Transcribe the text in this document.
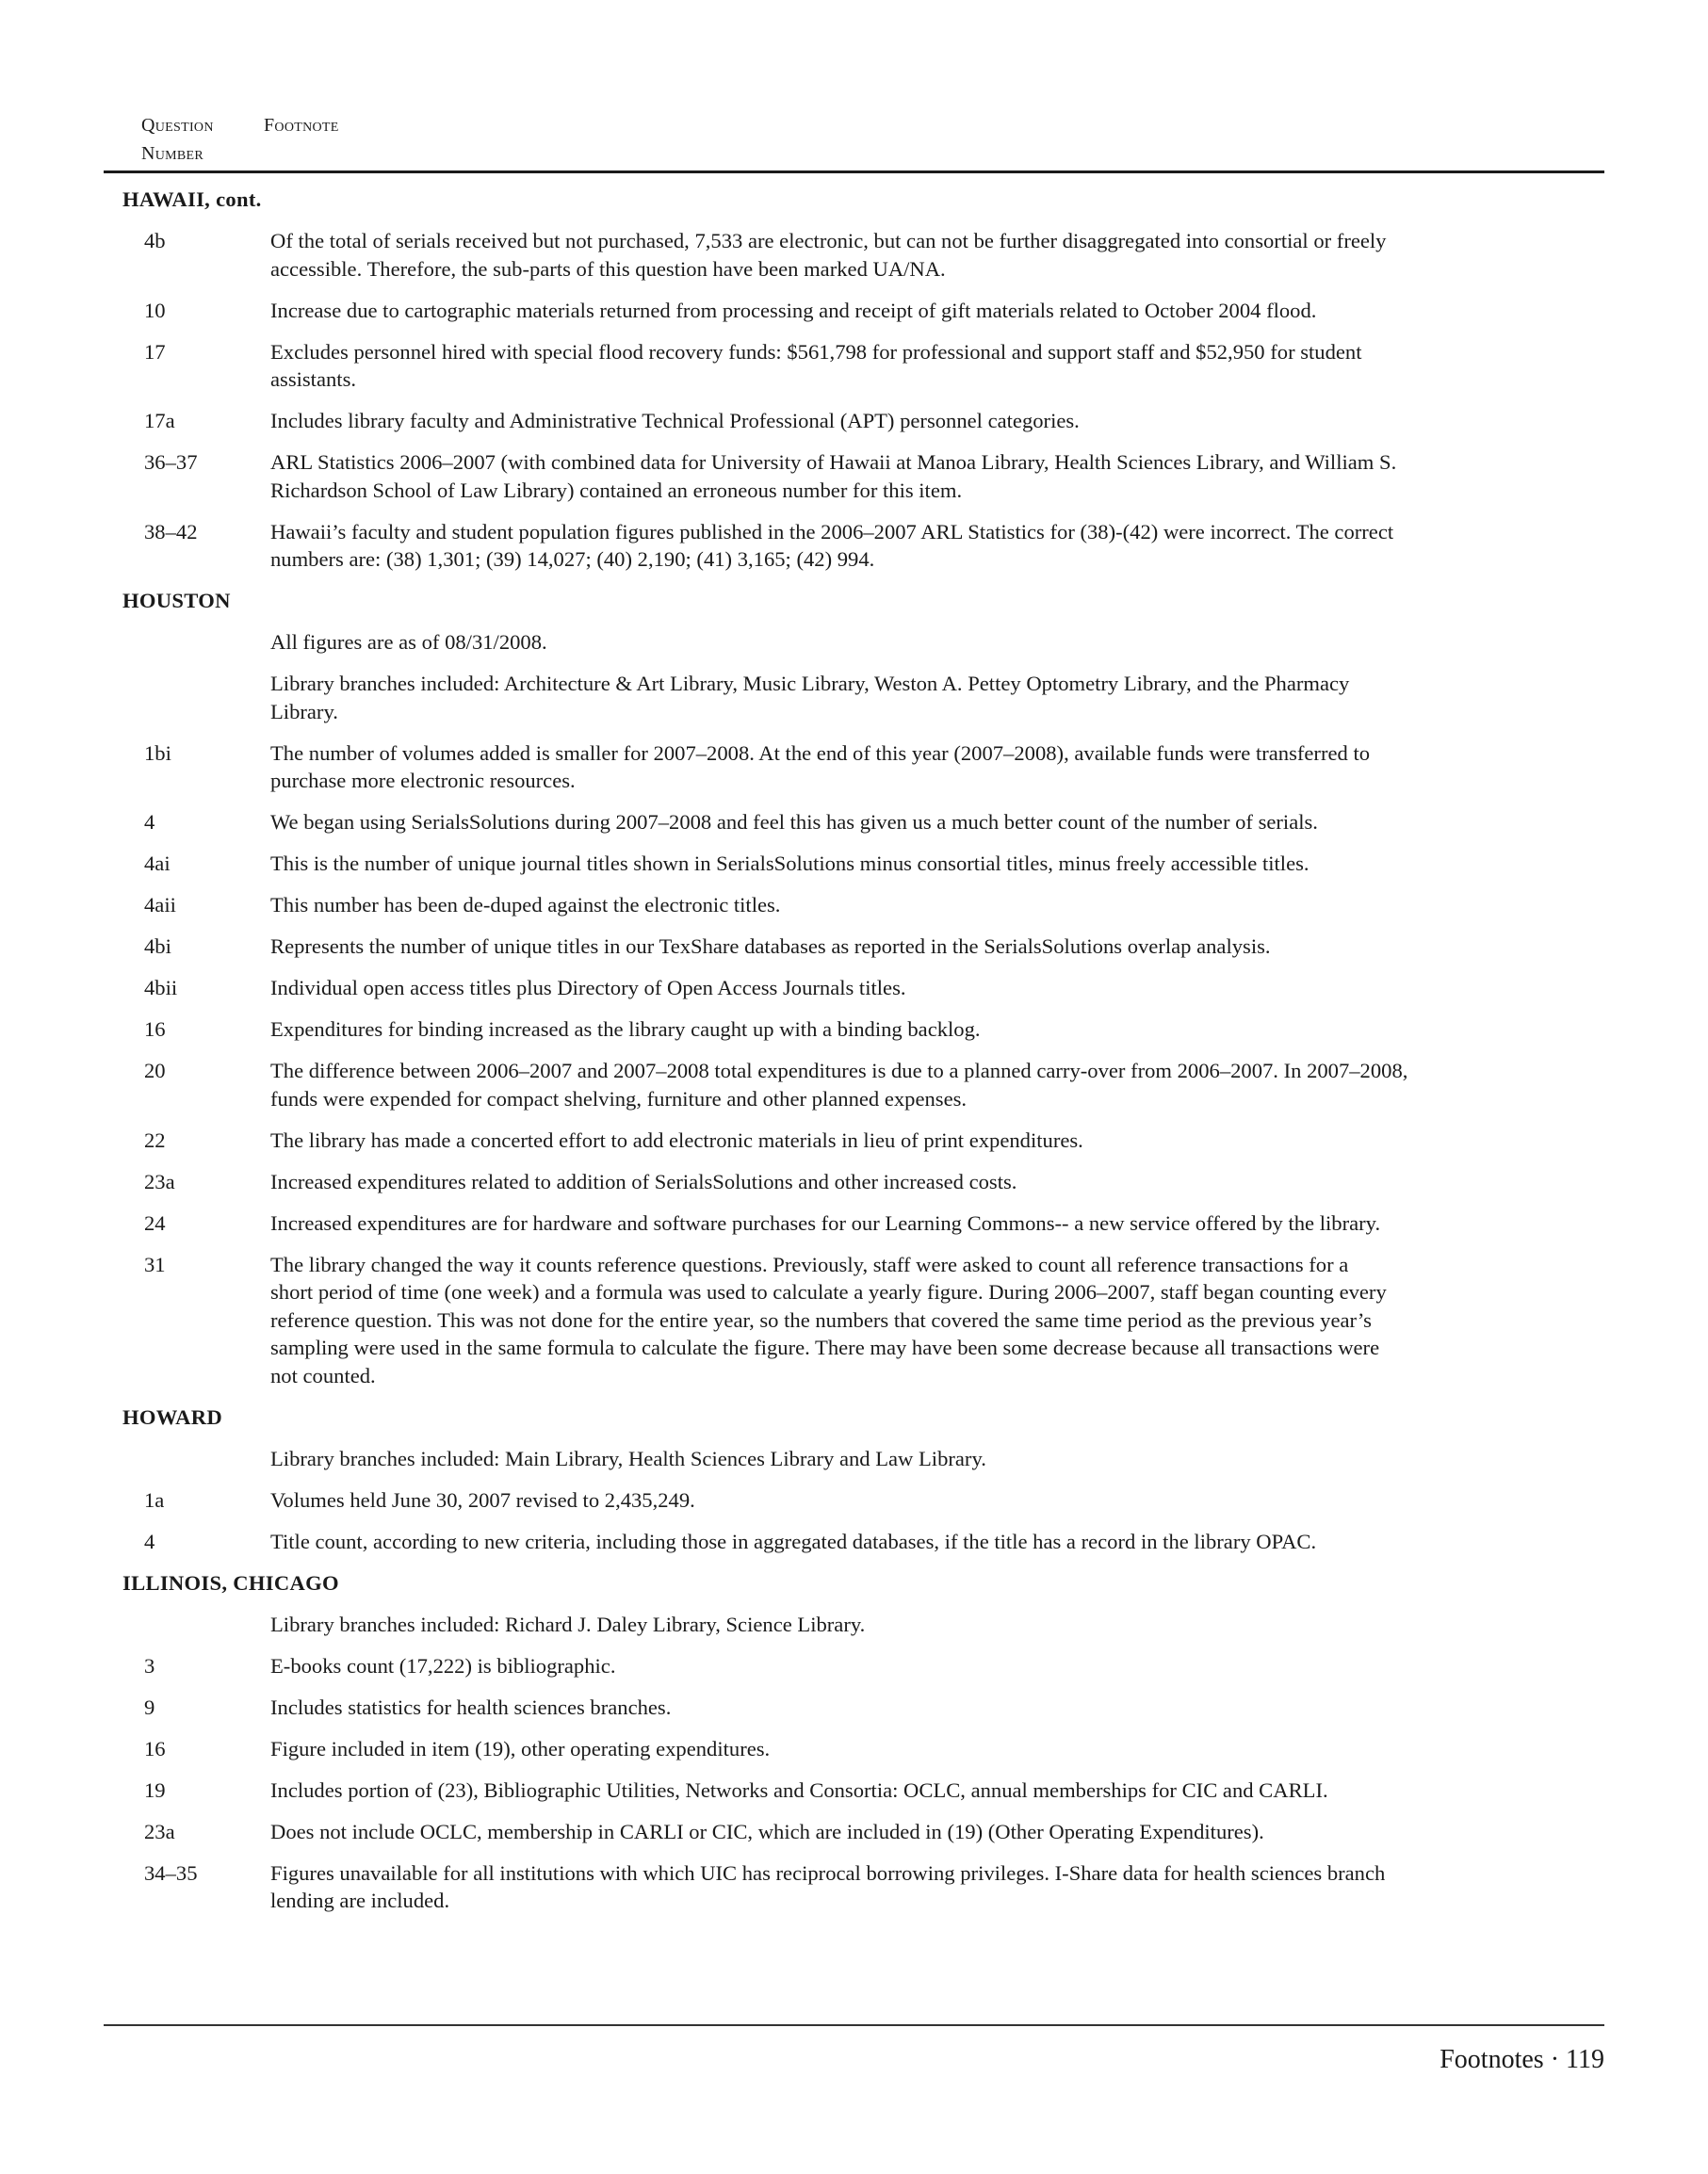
Question Number
Footnote
HAWAII, cont.
4b	Of the total of serials received but not purchased, 7,533 are electronic, but can not be further disaggregated into consortial or freely
accessible. Therefore, the sub-parts of this question have been marked UA/NA.
10	Increase due to cartographic materials returned from processing and receipt of gift materials related to October 2004 flood.
17	Excludes personnel hired with special flood recovery funds: $561,798 for professional and support staff and $52,950 for student
assistants.
17a	Includes library faculty and Administrative Technical Professional (APT) personnel categories.
36–37	ARL Statistics 2006–2007 (with combined data for University of Hawaii at Manoa Library, Health Sciences Library, and William S.
Richardson School of Law Library) contained an erroneous number for this item.
38–42	Hawaii’s faculty and student population figures published in the 2006–2007 ARL Statistics for (38)-(42) were incorrect. The correct
numbers are: (38) 1,301; (39) 14,027; (40) 2,190; (41) 3,165; (42) 994.
HOUSTON
All figures are as of 08/31/2008.
Library branches included: Architecture & Art Library, Music Library, Weston A. Pettey Optometry Library, and the Pharmacy
Library.
1bi	The number of volumes added is smaller for 2007–2008. At the end of this year (2007–2008), available funds were transferred to
purchase more electronic resources.
4	We began using SerialsSolutions during 2007–2008 and feel this has given us a much better count of the number of serials.
4ai	This is the number of unique journal titles shown in SerialsSolutions minus consortial titles, minus freely accessible titles.
4aii	This number has been de-duped against the electronic titles.
4bi	Represents the number of unique titles in our TexShare databases as reported in the SerialsSolutions overlap analysis.
4bii	Individual open access titles plus Directory of Open Access Journals titles.
16	Expenditures for binding increased as the library caught up with a binding backlog.
20	The difference between 2006–2007 and 2007–2008 total expenditures is due to a planned carry-over from 2006–2007. In 2007–2008,
funds were expended for compact shelving, furniture and other planned expenses.
22	The library has made a concerted effort to add electronic materials in lieu of print expenditures.
23a	Increased expenditures related to addition of SerialsSolutions and other increased costs.
24	Increased expenditures are for hardware and software purchases for our Learning Commons-- a new service offered by the library.
31	The library changed the way it counts reference questions. Previously, staff were asked to count all reference transactions for a
short period of time (one week) and a formula was used to calculate a yearly figure. During 2006–2007, staff began counting every
reference question. This was not done for the entire year, so the numbers that covered the same time period as the previous year’s
sampling were used in the same formula to calculate the figure. There may have been some decrease because all transactions were
not counted.
HOWARD
Library branches included: Main Library, Health Sciences Library and Law Library.
1a	Volumes held June 30, 2007 revised to 2,435,249.
4	Title count, according to new criteria, including those in aggregated databases, if the title has a record in the library OPAC.
ILLINOIS, CHICAGO
Library branches included: Richard J. Daley Library, Science Library.
3	E-books count (17,222) is bibliographic.
9	Includes statistics for health sciences branches.
16	Figure included in item (19), other operating expenditures.
19	Includes portion of (23), Bibliographic Utilities, Networks and Consortia: OCLC, annual memberships for CIC and CARLI.
23a	Does not include OCLC, membership in CARLI or CIC, which are included in (19) (Other Operating Expenditures).
34–35	Figures unavailable for all institutions with which UIC has reciprocal borrowing privileges. I-Share data for health sciences branch
lending are included.
Footnotes · 119
